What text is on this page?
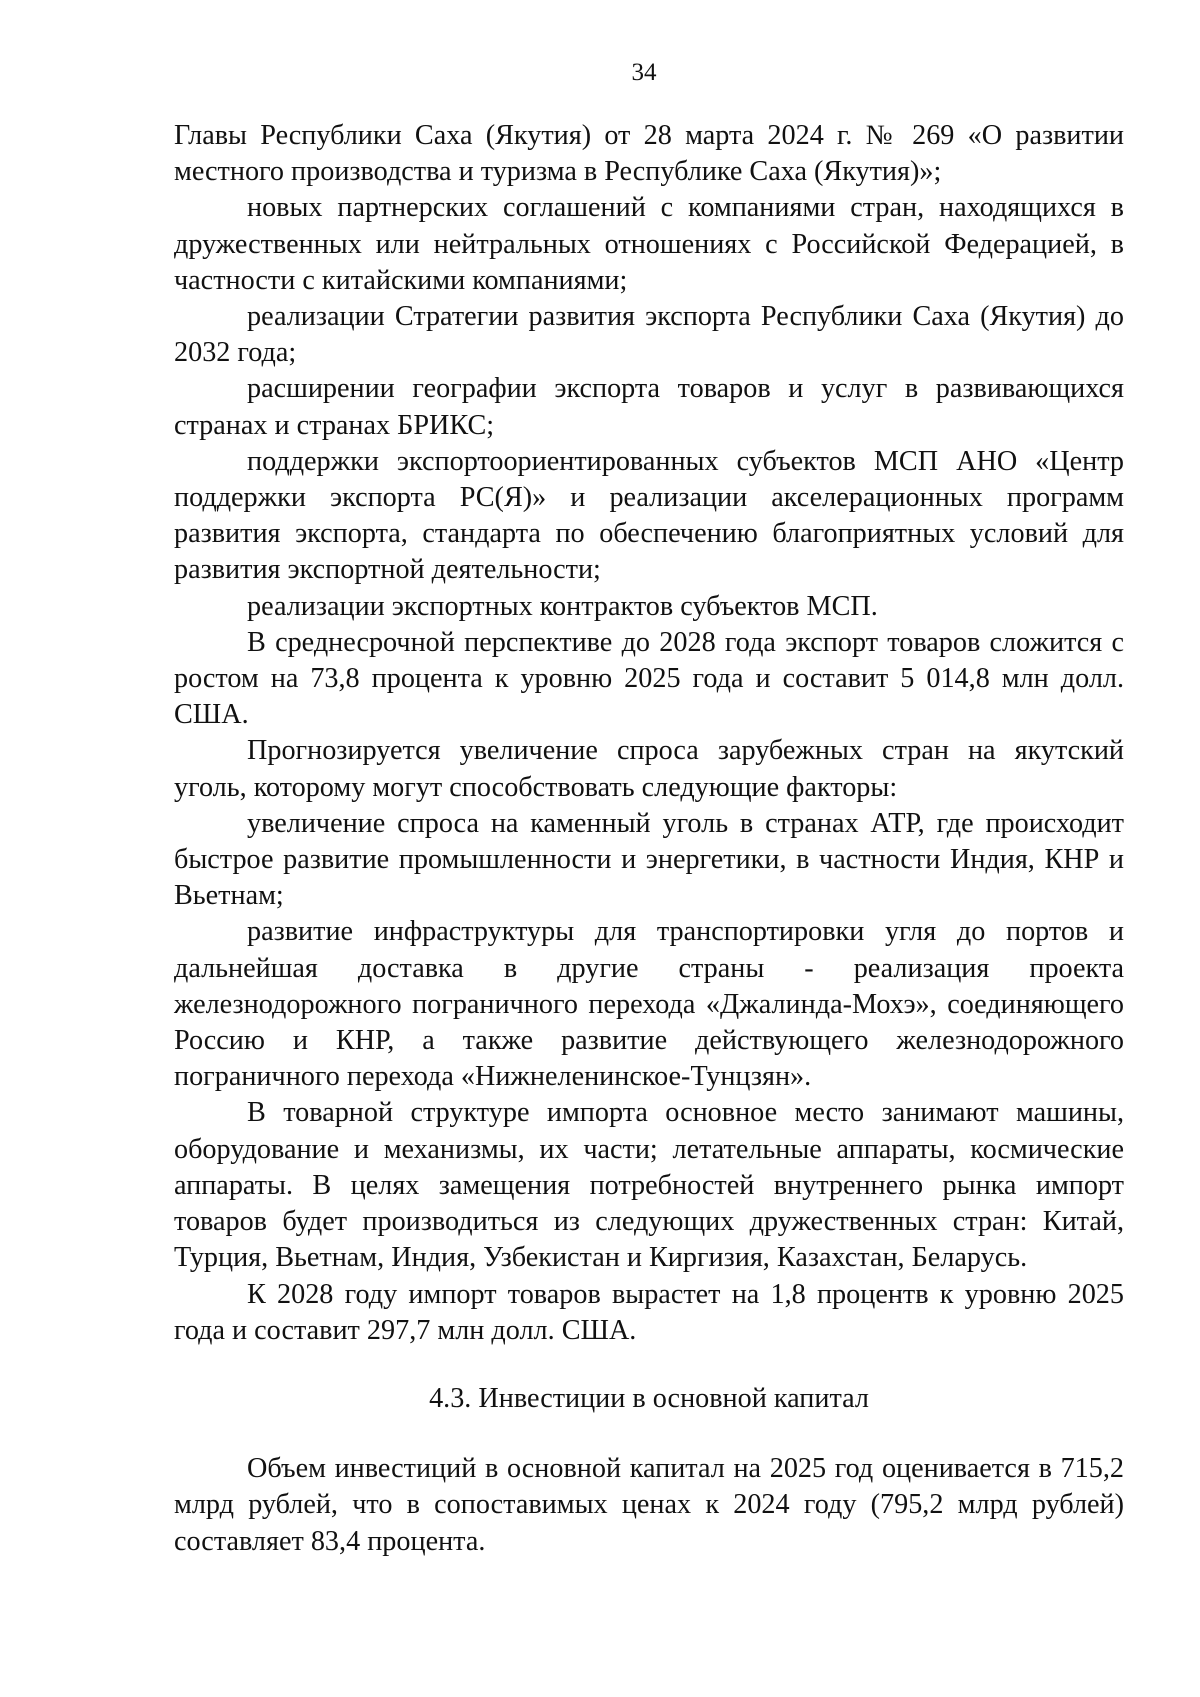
34

Главы Республики Саха (Якутия) от 28 марта 2024 г. № 269 «О развитии местного производства и туризма в Республике Саха (Якутия)»;

новых партнерских соглашений с компаниями стран, находящихся в дружественных или нейтральных отношениях с Российской Федерацией, в частности с китайскими компаниями;

реализации Стратегии развития экспорта Республики Саха (Якутия) до 2032 года;

расширении географии экспорта товаров и услуг в развивающихся странах и странах БРИКС;

поддержки экспортоориентированных субъектов МСП АНО «Центр поддержки экспорта РС(Я)» и реализации акселерационных программ развития экспорта, стандарта по обеспечению благоприятных условий для развития экспортной деятельности;

реализации экспортных контрактов субъектов МСП.

В среднесрочной перспективе до 2028 года экспорт товаров сложится с ростом на 73,8 процента к уровню 2025 года и составит 5 014,8 млн долл. США.

Прогнозируется увеличение спроса зарубежных стран на якутский уголь, которому могут способствовать следующие факторы:

увеличение спроса на каменный уголь в странах АТР, где происходит быстрое развитие промышленности и энергетики, в частности Индия, КНР и Вьетнам;

развитие инфраструктуры для транспортировки угля до портов и дальнейшая доставка в другие страны - реализация проекта железнодорожного пограничного перехода «Джалинда-Мохэ», соединяющего Россию и КНР, а также развитие действующего железнодорожного пограничного перехода «Нижнеленинское-Тунцзян».

В товарной структуре импорта основное место занимают машины, оборудование и механизмы, их части; летательные аппараты, космические аппараты. В целях замещения потребностей внутреннего рынка импорт товаров будет производиться из следующих дружественных стран: Китай, Турция, Вьетнам, Индия, Узбекистан и Киргизия, Казахстан, Беларусь.

К 2028 году импорт товаров вырастет на 1,8 процентв к уровню 2025 года и составит 297,7 млн долл. США.

4.3. Инвестиции в основной капитал

Объем инвестиций в основной капитал на 2025 год оценивается в 715,2 млрд рублей, что в сопоставимых ценах к 2024 году (795,2 млрд рублей) составляет 83,4 процента.
